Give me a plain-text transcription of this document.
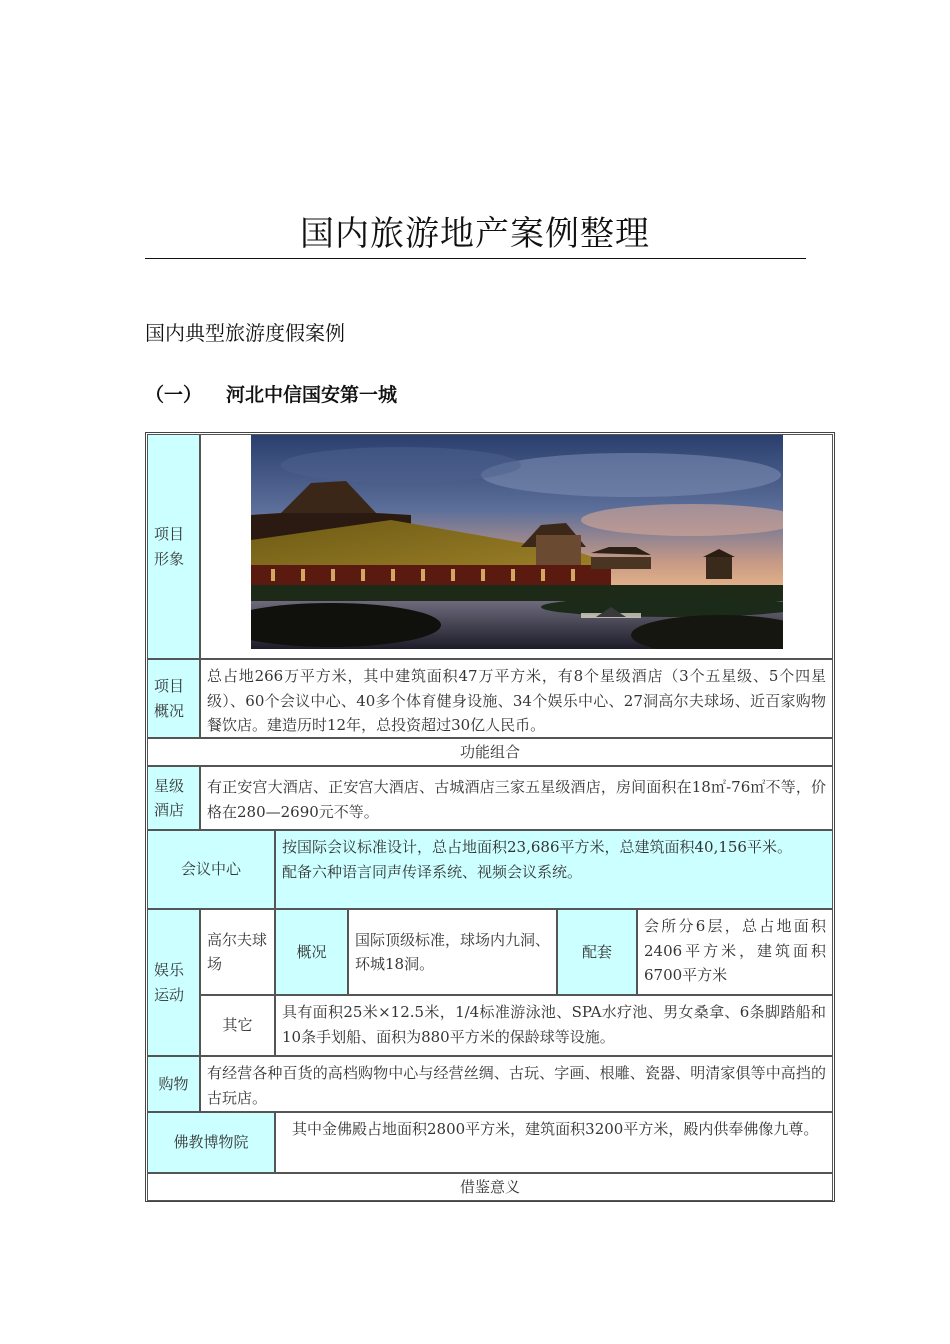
国内旅游地产案例整理
国内典型旅游度假案例
（一） 河北中信国安第一城
项目形象
项目概况
总占地266万平方米，其中建筑面积47万平方米，有8个星级酒店（3个五星级、5个四星级）、60个会议中心、40多个体育健身设施、34个娱乐中心、27洞高尔夫球场、近百家购物餐饮店。建造历时12年，总投资超过30亿人民币。
功能组合
星级酒店
有正安宫大酒店、正安宫大酒店、古城酒店三家五星级酒店，房间面积在18㎡-76㎡不等，价格在280—2690元不等。
会议中心
按国际会议标准设计，总占地面积23,686平方米，总建筑面积40,156平米。
配备六种语言同声传译系统、视频会议系统。
娱乐运动
高尔夫球场
概况
国际顶级标准，球场内九洞、环城18洞。
配套
会所分6层，总占地面积2406平方米，建筑面积6700平方米
其它
具有面积25米×12.5米，1/4标准游泳池、SPA水疗池、男女桑拿、6条脚踏船和10条手划船、面积为880平方米的保龄球等设施。
购物
有经营各种百货的高档购物中心与经营丝绸、古玩、字画、根雕、瓷器、明清家俱等中高挡的古玩店。
佛教博物院
其中金佛殿占地面积2800平方米，建筑面积3200平方米，殿内供奉佛像九尊。
借鉴意义
